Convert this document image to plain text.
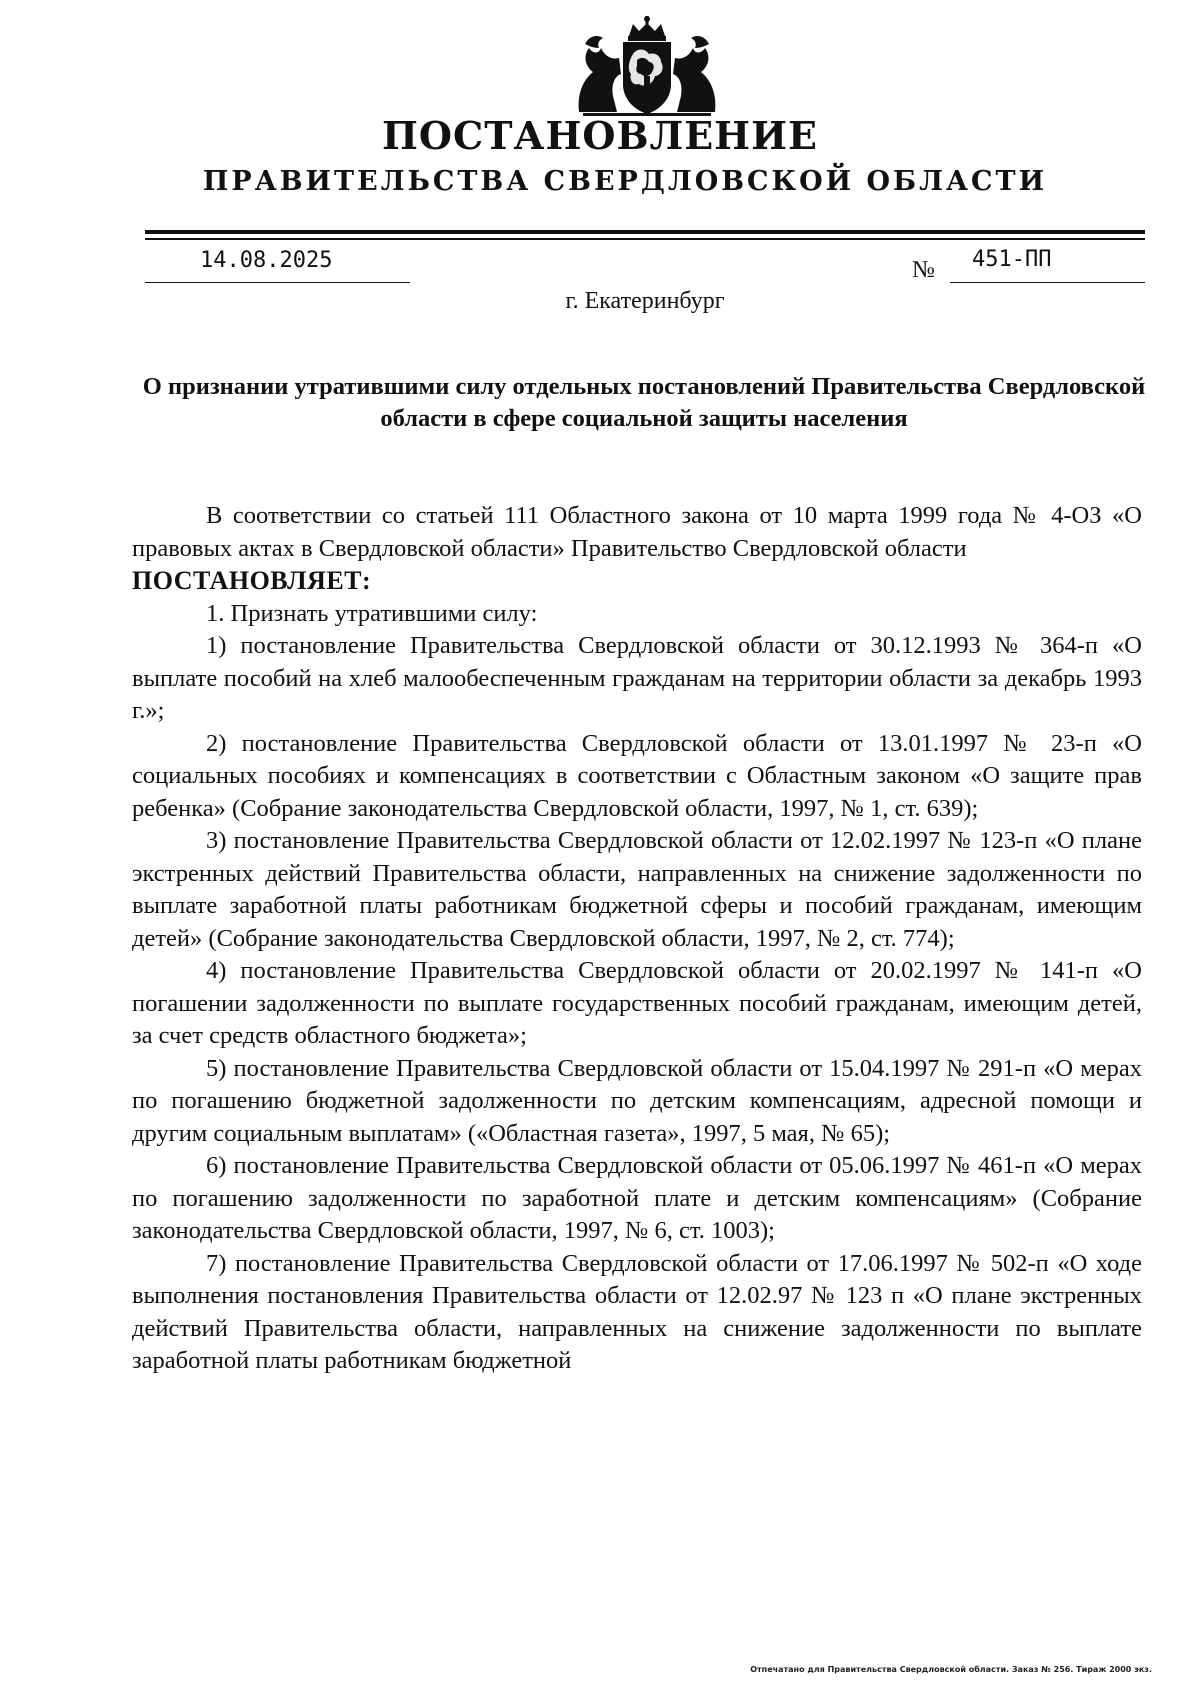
ПОСТАНОВЛЕНИЕ
ПРАВИТЕЛЬСТВА СВЕРДЛОВСКОЙ ОБЛАСТИ
14.08.2025	№ 451-ПП
г. Екатеринбург
О признании утратившими силу отдельных постановлений Правительства Свердловской области в сфере социальной защиты населения

В соответствии со статьей 111 Областного закона от 10 марта 1999 года № 4-ОЗ «О правовых актах в Свердловской области» Правительство Свердловской области

ПОСТАНОВЛЯЕТ:

1. Признать утратившими силу:

1) постановление Правительства Свердловской области от 30.12.1993 № 364-п «О выплате пособий на хлеб малообеспеченным гражданам на территории области за декабрь 1993 г.»;

2) постановление Правительства Свердловской области от 13.01.1997 № 23-п «О социальных пособиях и компенсациях в соответствии с Областным законом «О защите прав ребенка» (Собрание законодательства Свердловской области, 1997, № 1, ст. 639);

3) постановление Правительства Свердловской области от 12.02.1997 № 123-п «О плане экстренных действий Правительства области, направленных на снижение задолженности по выплате заработной платы работникам бюджетной сферы и пособий гражданам, имеющим детей» (Собрание законодательства Свердловской области, 1997, № 2, ст. 774);

4) постановление Правительства Свердловской области от 20.02.1997 № 141-п «О погашении задолженности по выплате государственных пособий гражданам, имеющим детей, за счет средств областного бюджета»;

5) постановление Правительства Свердловской области от 15.04.1997 № 291-п «О мерах по погашению бюджетной задолженности по детским компенсациям, адресной помощи и другим социальным выплатам» («Областная газета», 1997, 5 мая, № 65);

6) постановление Правительства Свердловской области от 05.06.1997 № 461-п «О мерах по погашению задолженности по заработной плате и детским компенсациям» (Собрание законодательства Свердловской области, 1997, № 6, ст. 1003);

7) постановление Правительства Свердловской области от 17.06.1997 № 502-п «О ходе выполнения постановления Правительства области от 12.02.97 № 123 п «О плане экстренных действий Правительства области, направленных на снижение задолженности по выплате заработной платы работникам бюджетной

Отпечатано для Правительства Свердловской области. Заказ № 256. Тираж 2000 экз.
